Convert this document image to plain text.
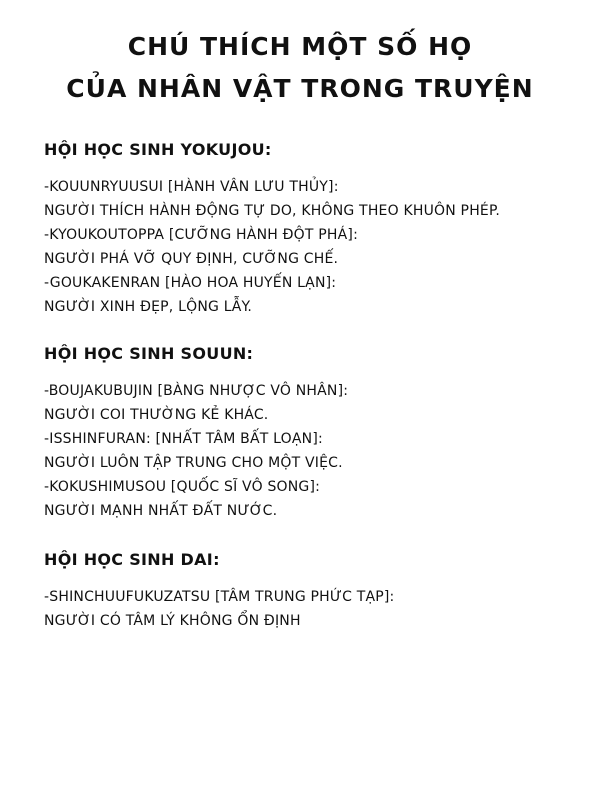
CHÚ THÍCH MỘT SỐ HỌ
CỦA NHÂN VẬT TRONG TRUYỆN
HỘI HỌC SINH YOKUJOU:
-KOUUNRYUUSUI [HÀNH VÂN LƯU THỦY]:
NGƯỜI THÍCH HÀNH ĐỘNG TỰ DO, KHÔNG THEO KHUÔN PHÉP.
-KYOUKOUTOPPA [CƯỠNG HÀNH ĐỘT PHÁ]:
NGƯỜI PHÁ VỠ QUY ĐỊNH, CƯỠNG CHẾ.
-GOUKAKENRAN [HÀO HOA HUYẾN LẠN]:
NGƯỜI XINH ĐẸP, LỘNG LẪY.
HỘI HỌC SINH SOUUN:
-BOUJAKUBUJIN [BÀNG NHƯỢC VÔ NHÂN]:
NGƯỜI COI THƯỜNG KẺ KHÁC.
-ISSHINFURAN: [NHẤT TÂM BẤT LOẠN]:
NGƯỜI LUÔN TẬP TRUNG CHO MỘT VIỆC.
-KOKUSHIMUSOU [QUỐC SĨ VÔ SONG]:
NGƯỜI MẠNH NHẤT ĐẤT NƯỚC.
HỘI HỌC SINH DAI:
-SHINCHUUFUKUZATSU [TÂM TRUNG PHỨC TẠP]:
NGƯỜI CÓ TÂM LÝ KHÔNG ỔN ĐỊNH
